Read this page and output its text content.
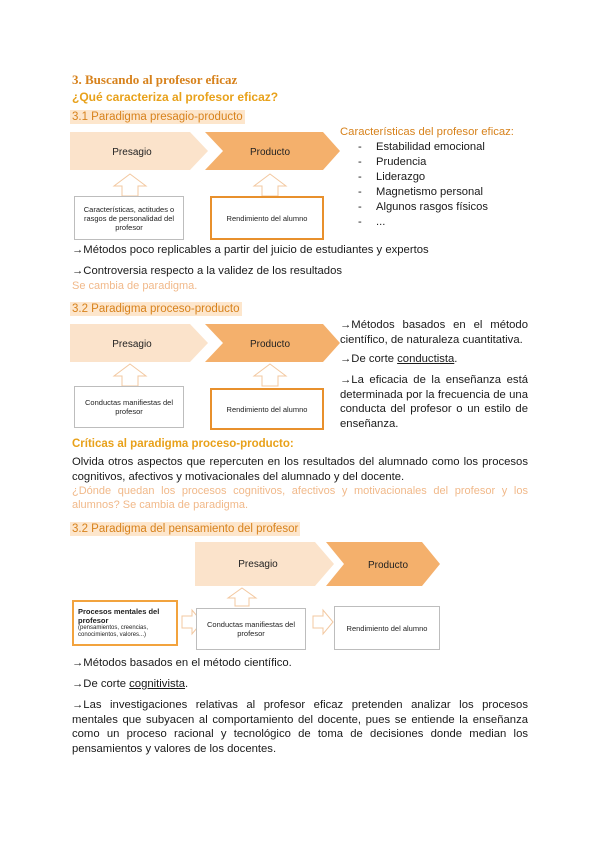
3. Buscando al profesor eficaz
¿Qué caracteriza al profesor eficaz?
3.1 Paradigma presagio-producto
Presagio	Producto
Características, actitudes o rasgos de personalidad del profesor
Rendimiento del alumno
Características del profesor eficaz:
- Estabilidad emocional
- Prudencia
- Liderazgo
- Magnetismo personal
- Algunos rasgos físicos
- ...
→Métodos poco replicables a partir del juicio de estudiantes y expertos
→Controversia respecto a la validez de los resultados
Se cambia de paradigma.
3.2 Paradigma proceso-producto
Presagio	Producto
Conductas manifiestas del profesor	Rendimiento del alumno
→Métodos basados en el método científico, de naturaleza cuantitativa.
→De corte conductista.
→La eficacia de la enseñanza está determinada por la frecuencia de una conducta del profesor o un estilo de enseñanza.
Críticas al paradigma proceso-producto:
Olvida otros aspectos que repercuten en los resultados del alumnado como los procesos cognitivos, afectivos y motivacionales del alumnado y del docente.
¿Dónde quedan los procesos cognitivos, afectivos y motivacionales del profesor y los alumnos? Se cambia de paradigma.
3.2 Paradigma del pensamiento del profesor
Presagio	Producto
Procesos mentales del profesor
(pensamientos, creencias, conocimientos, valores...)
Conductas manifiestas del profesor
Rendimiento del alumno
→Métodos basados en el método científico.
→De corte cognitivista.
→Las investigaciones relativas al profesor eficaz pretenden analizar los procesos mentales que subyacen al comportamiento del docente, pues se entiende la enseñanza como un proceso racional y tecnológico de toma de decisiones donde median los pensamientos y valores de los docentes.
